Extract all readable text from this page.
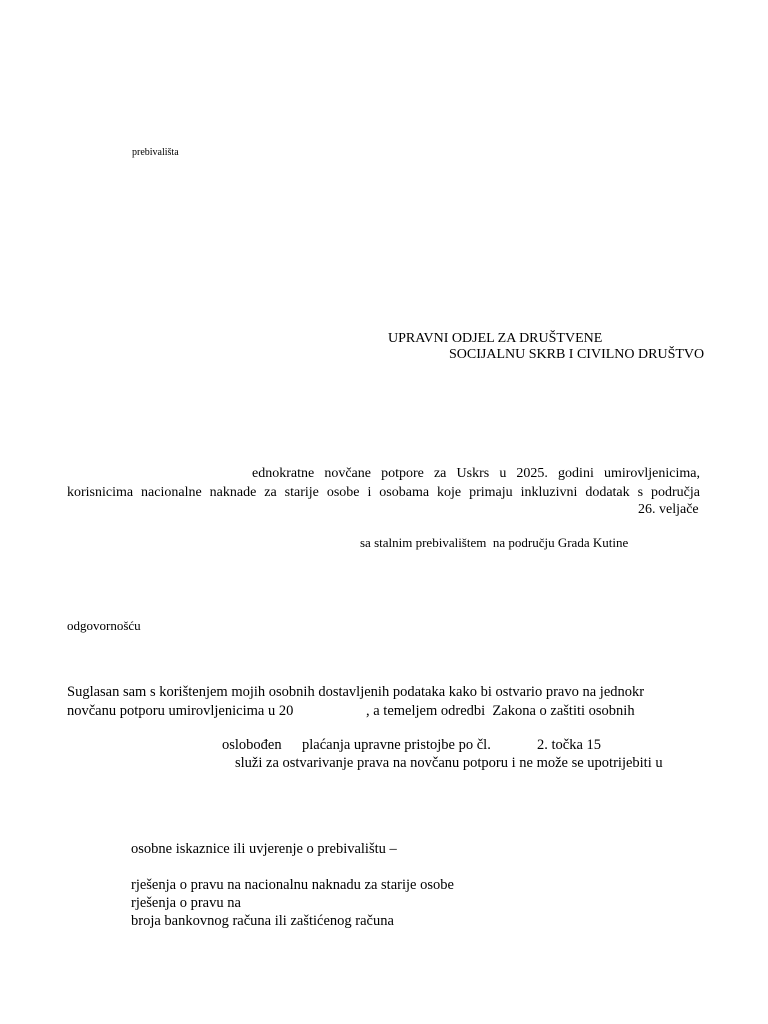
prebivališta
UPRAVNI ODJEL ZA DRUŠTVENE
SOCIJALNU SKRB I CIVILNO DRUŠTVO
ednokratne novčane potpore za Uskrs u 2025. godini umirovljenicima,
korisnicima nacionalne naknade za starije osobe i osobama koje primaju inkluzivni dodatak s područja
26. veljače
sa stalnim prebivalištem  na području Grada Kutine
odgovornošću
Suglasan sam s korištenjem mojih osobnih dostavljenih podataka kako bi ostvario pravo na jednokr
novčanu potporu umirovljenicima u 20	, a temeljem odredbi  Zakona o zaštiti osobnih
oslobođen plaćanja upravne pristojbe po čl.	2. točka 15
služi za ostvarivanje prava na novčanu potporu i ne može se upotrijebiti u
osobne iskaznice ili uvjerenje o prebivalištu –
rješenja o pravu na nacionalnu naknadu za starije osobe
rješenja o pravu na
broja bankovnog računa ili zaštićenog računa
